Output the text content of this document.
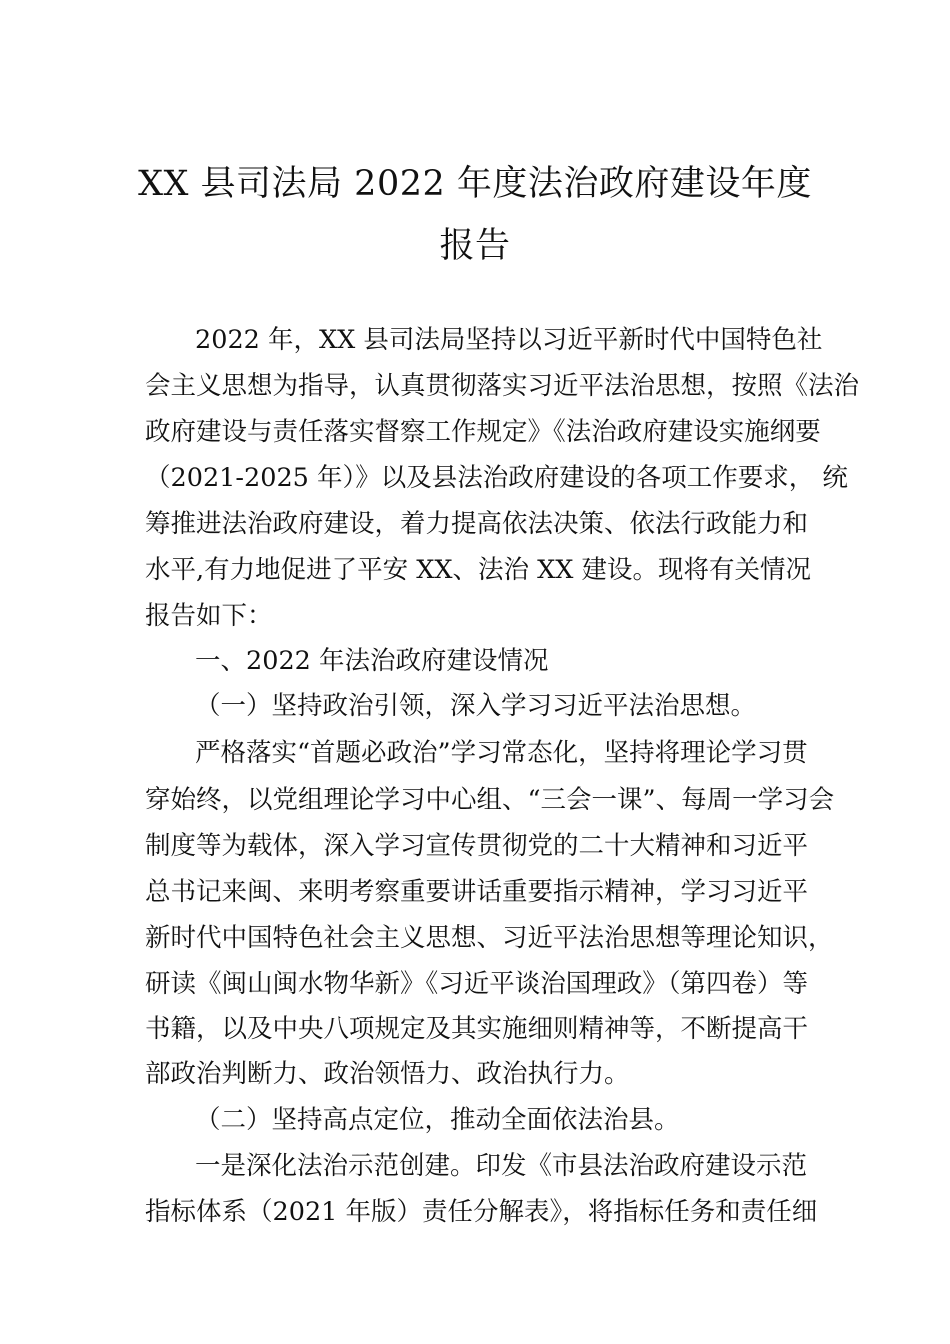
XX 县司法局 2022 年度法治政府建设年度
报告
2022 年，XX 县司法局坚持以习近平新时代中国特色社
会主义思想为指导，认真贯彻落实习近平法治思想，按照《法治
政府建设与责任落实督察工作规定》《法治政府建设实施纲要
（2021-2025 年）》以及县法治政府建设的各项工作要求， 统
筹推进法治政府建设，着力提高依法决策、依法行政能力和
水平,有力地促进了平安 XX、法治 XX 建设。现将有关情况
报告如下：
一、2022 年法治政府建设情况
（一）坚持政治引领，深入学习习近平法治思想。
严格落实“首题必政治”学习常态化，坚持将理论学习贯
穿始终，以党组理论学习中心组、“三会一课”、每周一学习会
制度等为载体，深入学习宣传贯彻党的二十大精神和习近平
总书记来闽、来明考察重要讲话重要指示精神，学习习近平
新时代中国特色社会主义思想、习近平法治思想等理论知识，
研读《闽山闽水物华新》《习近平谈治国理政》（第四卷）等
书籍，以及中央八项规定及其实施细则精神等，不断提高干
部政治判断力、政治领悟力、政治执行力。
（二）坚持高点定位，推动全面依法治县。
一是深化法治示范创建。印发《市县法治政府建设示范
指标体系（2021 年版）责任分解表》，将指标任务和责任细
